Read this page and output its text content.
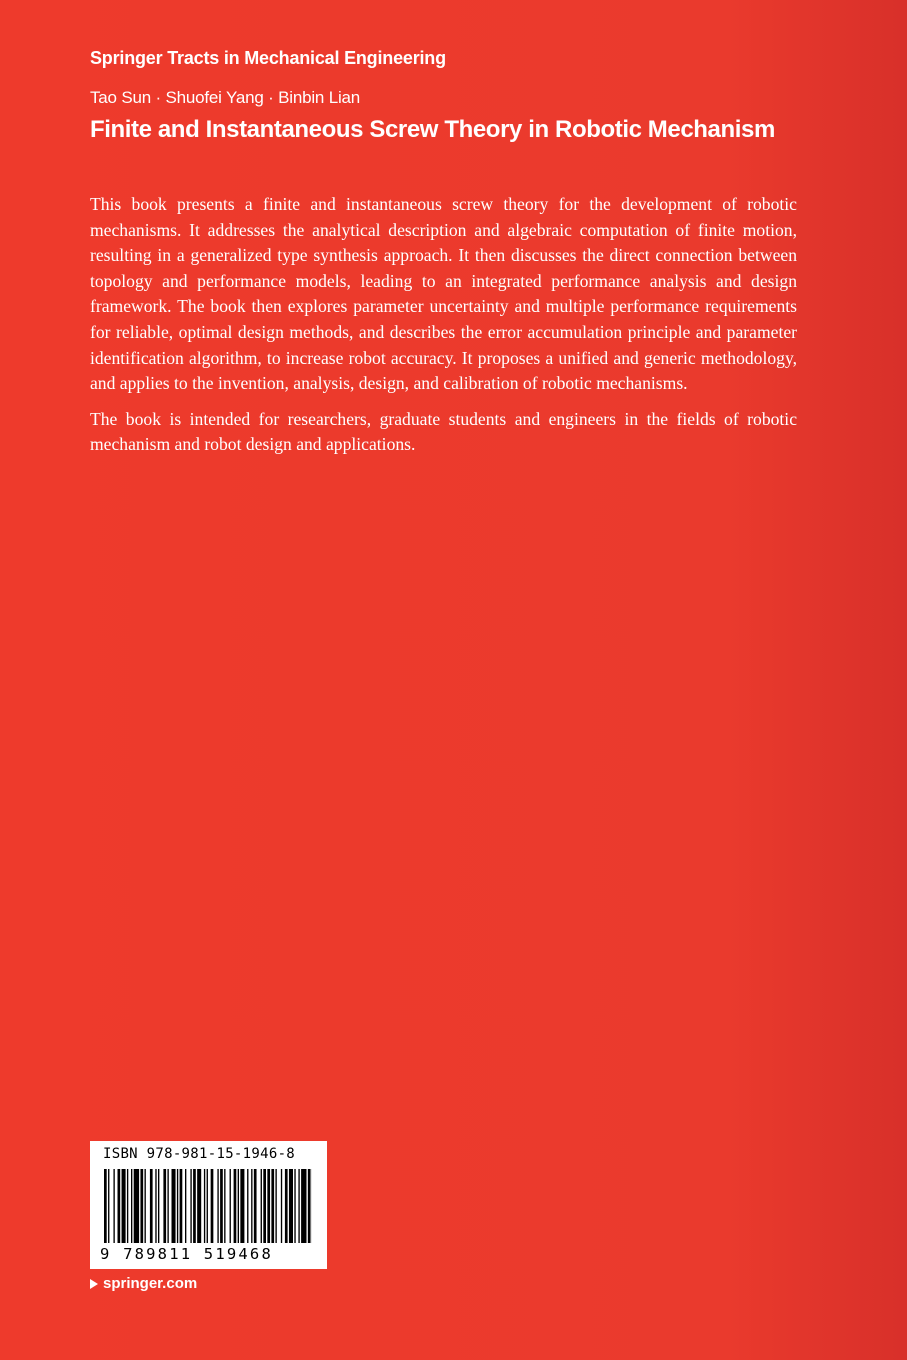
Springer Tracts in Mechanical Engineering
Tao Sun · Shuofei Yang · Binbin Lian
Finite and Instantaneous Screw Theory in Robotic Mechanism

This book presents a finite and instantaneous screw theory for the development of robotic mechanisms. It addresses the analytical description and algebraic computation of finite motion, resulting in a generalized type synthesis approach. It then discusses the direct connection between topology and performance models, leading to an integrated performance analysis and design framework. The book then explores parameter uncertainty and multiple performance requirements for reliable, optimal design methods, and describes the error accumulation principle and parameter identification algorithm, to increase robot accuracy. It proposes a unified and generic methodology, and applies to the invention, analysis, design, and calibration of robotic mechanisms.

The book is intended for researchers, graduate students and engineers in the fields of robotic mechanism and robot design and applications.

ISBN 978-981-15-1946-8
9 789811 519468
springer.com
